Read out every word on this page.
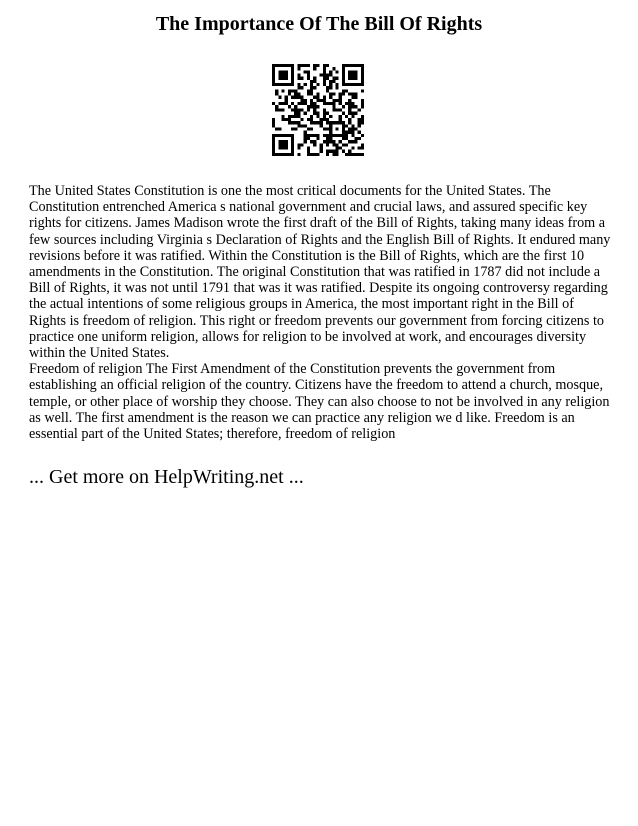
The Importance Of The Bill Of Rights

The United States Constitution is one the most critical documents for the United States. The Constitution entrenched America s national government and crucial laws, and assured specific key rights for citizens. James Madison wrote the first draft of the Bill of Rights, taking many ideas from a few sources including Virginia s Declaration of Rights and the English Bill of Rights. It endured many revisions before it was ratified. Within the Constitution is the Bill of Rights, which are the first 10 amendments in the Constitution. The original Constitution that was ratified in 1787 did not include a Bill of Rights, it was not until 1791 that was it was ratified. Despite its ongoing controversy regarding the actual intentions of some religious groups in America, the most important right in the Bill of Rights is freedom of religion. This right or freedom prevents our government from forcing citizens to practice one uniform religion, allows for religion to be involved at work, and encourages diversity within the United States.

Freedom of religion The First Amendment of the Constitution prevents the government from establishing an official religion of the country. Citizens have the freedom to attend a church, mosque, temple, or other place of worship they choose. They can also choose to not be involved in any religion as well. The first amendment is the reason we can practice any religion we d like. Freedom is an essential part of the United States; therefore, freedom of religion

... Get more on HelpWriting.net ...
